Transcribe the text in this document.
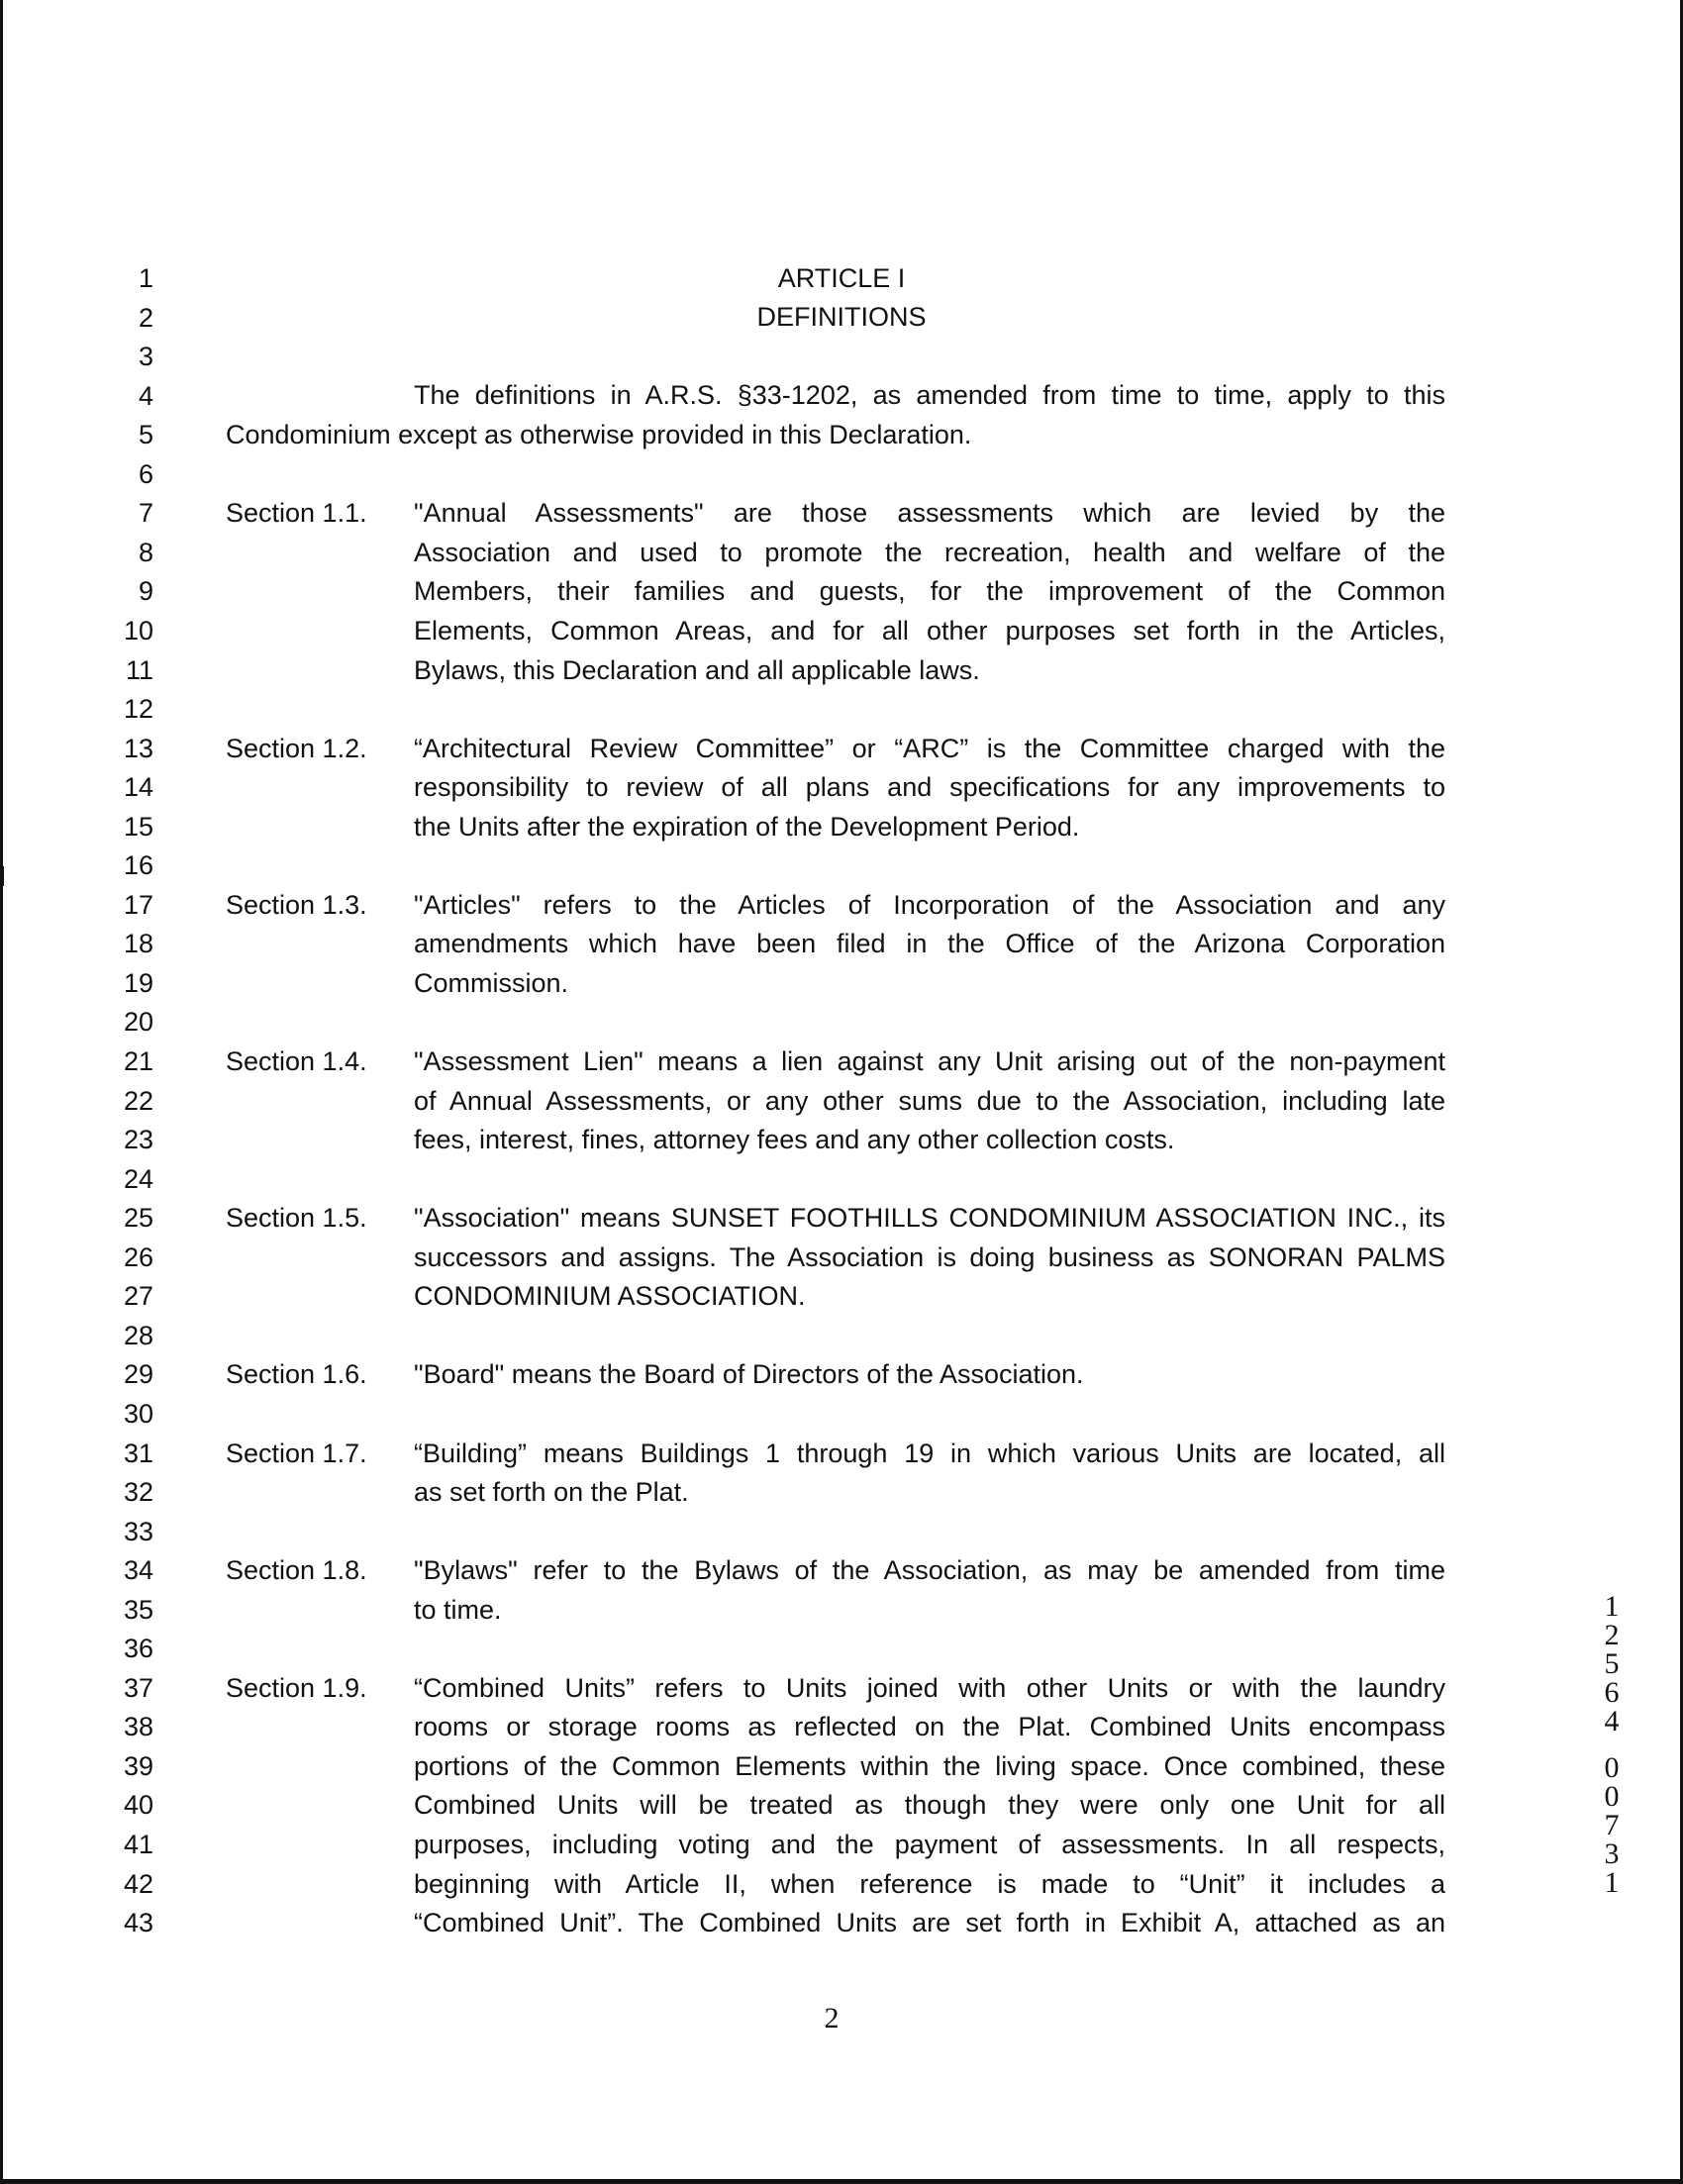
1
2
3
4
5
6
7
8
9
10
11
12
13
14
15
16
17
18
19
20
21
22
23
24
25
26
27
28
29
30
31
32
33
34
35
36
37
38
39
40
41
42
43
ARTICLE I
DEFINITIONS
The definitions in A.R.S. §33-1202, as amended from time to time, apply to this
Condominium except as otherwise provided in this Declaration.
Section 1.1. "Annual Assessments" are those assessments which are levied by the
Association and used to promote the recreation, health and welfare of the
Members, their families and guests, for the improvement of the Common
Elements, Common Areas, and for all other purposes set forth in the Articles,
Bylaws, this Declaration and all applicable laws.
Section 1.2. “Architectural Review Committee” or “ARC” is the Committee charged with the
responsibility to review of all plans and specifications for any improvements to
the Units after the expiration of the Development Period.
Section 1.3. "Articles" refers to the Articles of Incorporation of the Association and any
amendments which have been filed in the Office of the Arizona Corporation
Commission.
Section 1.4. "Assessment Lien" means a lien against any Unit arising out of the non-payment
of Annual Assessments, or any other sums due to the Association, including late
fees, interest, fines, attorney fees and any other collection costs.
Section 1.5. "Association" means SUNSET FOOTHILLS CONDOMINIUM ASSOCIATION INC., its
successors and assigns. The Association is doing business as SONORAN PALMS
CONDOMINIUM ASSOCIATION.
Section 1.6. "Board" means the Board of Directors of the Association.
Section 1.7. “Building” means Buildings 1 through 19 in which various Units are located, all
as set forth on the Plat.
Section 1.8. "Bylaws" refer to the Bylaws of the Association, as may be amended from time
to time.
Section 1.9. “Combined Units” refers to Units joined with other Units or with the laundry
rooms or storage rooms as reflected on the Plat. Combined Units encompass
portions of the Common Elements within the living space. Once combined, these
Combined Units will be treated as though they were only one Unit for all
purposes, including voting and the payment of assessments. In all respects,
beginning with Article II, when reference is made to “Unit” it includes a
“Combined Unit”. The Combined Units are set forth in Exhibit A, attached as an
2
1
2
5
6
4
0
0
7
3
1
